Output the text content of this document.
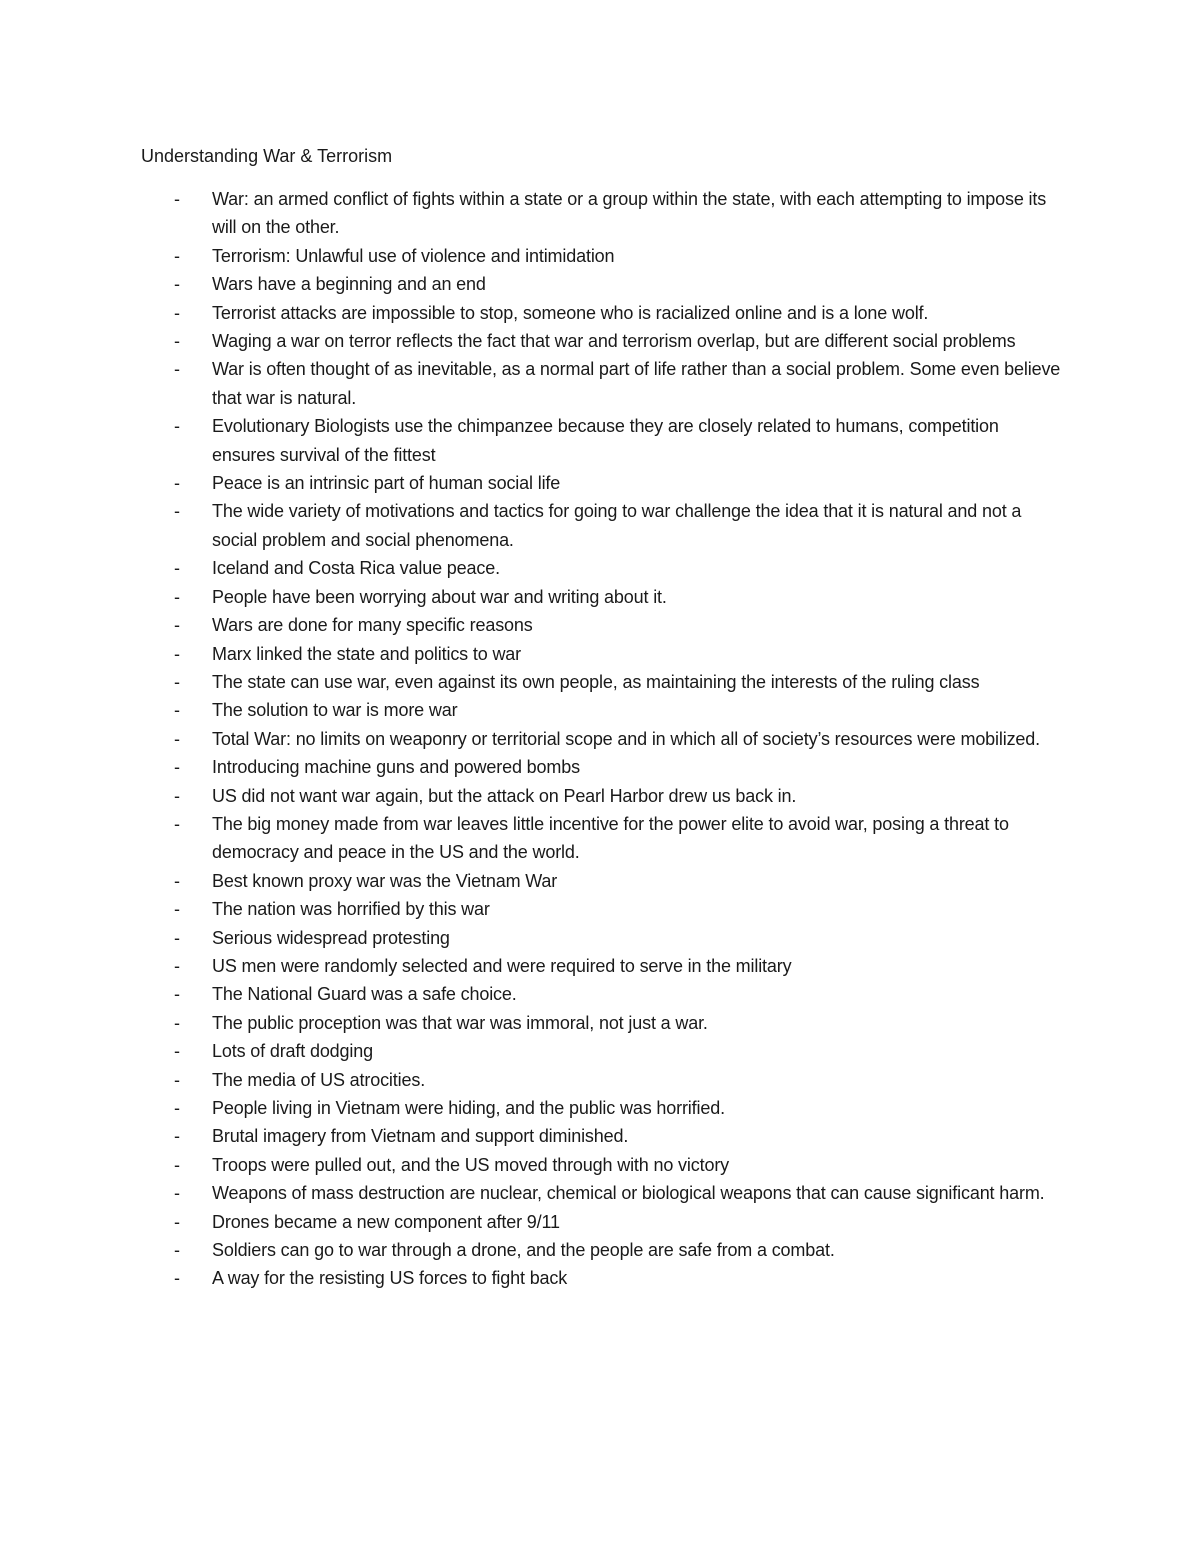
Understanding War & Terrorism
- War: an armed conflict of fights within a state or a group within the state, with each attempting to impose its will on the other.
- Terrorism: Unlawful use of violence and intimidation
- Wars have a beginning and an end
- Terrorist attacks are impossible to stop, someone who is racialized online and is a lone wolf.
- Waging a war on terror reflects the fact that war and terrorism overlap, but are different social problems
- War is often thought of as inevitable, as a normal part of life rather than a social problem. Some even believe that war is natural.
- Evolutionary Biologists use the chimpanzee because they are closely related to humans, competition ensures survival of the fittest
- Peace is an intrinsic part of human social life
- The wide variety of motivations and tactics for going to war challenge the idea that it is natural and not a social problem and social phenomena.
- Iceland and Costa Rica value peace.
- People have been worrying about war and writing about it.
- Wars are done for many specific reasons
- Marx linked the state and politics to war
- The state can use war, even against its own people, as maintaining the interests of the ruling class
- The solution to war is more war
- Total War: no limits on weaponry or territorial scope and in which all of society’s resources were mobilized.
- Introducing machine guns and powered bombs
- US did not want war again, but the attack on Pearl Harbor drew us back in.
- The big money made from war leaves little incentive for the power elite to avoid war, posing a threat to democracy and peace in the US and the world.
- Best known proxy war was the Vietnam War
- The nation was horrified by this war
- Serious widespread protesting
- US men were randomly selected and were required to serve in the military
- The National Guard was a safe choice.
- The public proception was that war was immoral, not just a war.
- Lots of draft dodging
- The media of US atrocities.
- People living in Vietnam were hiding, and the public was horrified.
- Brutal imagery from Vietnam and support diminished.
- Troops were pulled out, and the US moved through with no victory
- Weapons of mass destruction are nuclear, chemical or biological weapons that can cause significant harm.
- Drones became a new component after 9/11
- Soldiers can go to war through a drone, and the people are safe from a combat.
- A way for the resisting US forces to fight back
